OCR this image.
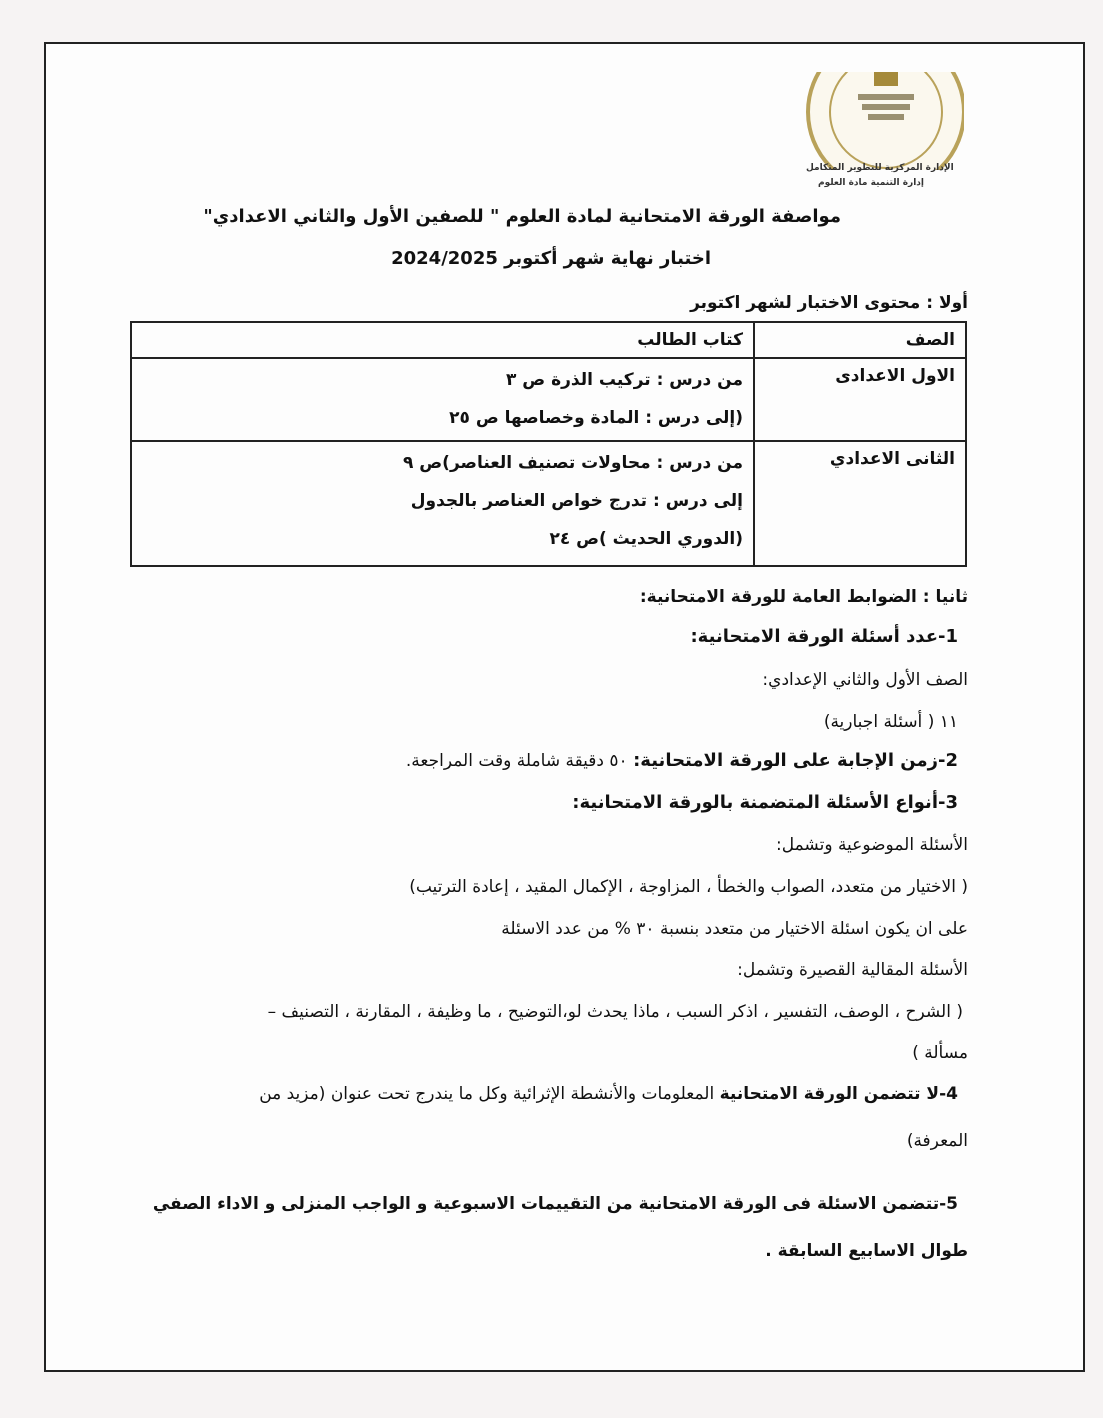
الإدارة المركزية للتطوير المتكامل
إدارة التنمية مادة العلوم
مواصفة الورقة الامتحانية لمادة العلوم " للصفين الأول والثاني الاعدادي"
اختبار نهاية شهر أكتوبر 2024/2025
أولا : محتوى الاختبار لشهر اكتوبر
الصف	كتاب الطالب
الاول الاعدادى	من درس : تركيب الذرة ص ٣
(إلى درس : المادة وخصاصها ص ٢٥

الثانى الاعدادي	من درس : محاولات تصنيف العناصر)ص ٩
إلى درس : تدرج خواص العناصر بالجدول
(الدوري الحديث )ص ٢٤
ثانيا : الضوابط العامة للورقة الامتحانية:
1-عدد أسئلة الورقة الامتحانية:
الصف الأول والثاني الإعدادي:
١١ ( أسئلة اجبارية)
2-زمن الإجابة على الورقة الامتحانية: ٥٠ دقيقة شاملة وقت المراجعة.
3-أنواع الأسئلة المتضمنة بالورقة الامتحانية:
الأسئلة الموضوعية وتشمل:
( الاختيار من متعدد، الصواب والخطأ ، المزاوجة ، الإكمال المقيد ، إعادة الترتيب)
على ان يكون اسئلة الاختيار من متعدد بنسبة ٣٠ % من عدد الاسئلة
الأسئلة المقالية القصيرة وتشمل:
( الشرح ، الوصف، التفسير ، اذكر السبب ، ماذا يحدث لو،التوضيح ، ما وظيفة ، المقارنة ، التصنيف –
مسألة )
4-لا تتضمن الورقة الامتحانية المعلومات والأنشطة الإثرائية وكل ما يندرج تحت عنوان (مزيد من
المعرفة)
5-تتضمن الاسئلة فى الورقة الامتحانية من التقييمات الاسبوعية و الواجب المنزلى و الاداء الصفي
طوال الاسابيع السابقة .
